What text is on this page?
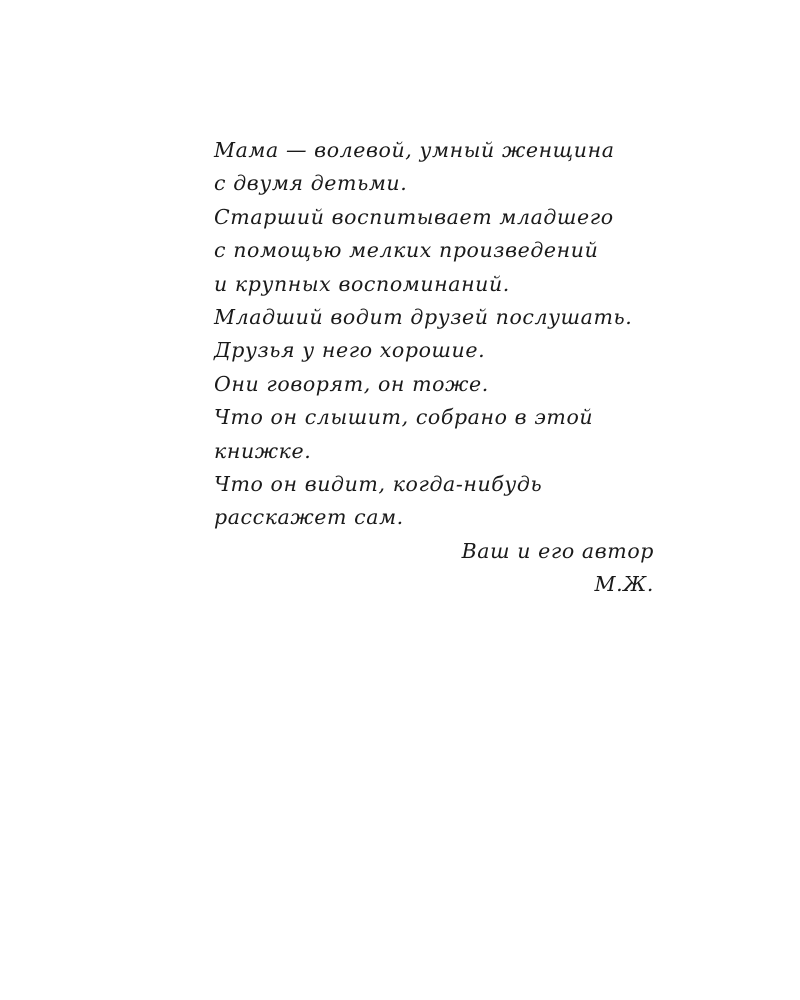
Мама — волевой, умный женщина
с двумя детьми.
Старший воспитывает младшего
с помощью мелких произведений
и крупных воспоминаний.
Младший водит друзей послушать.
Друзья у него хорошие.
Они говорят, он тоже.
Что он слышит, собрано в этой
книжке.
Что он видит, когда-нибудь
расскажет сам.
Ваш и его автор
М.Ж.
